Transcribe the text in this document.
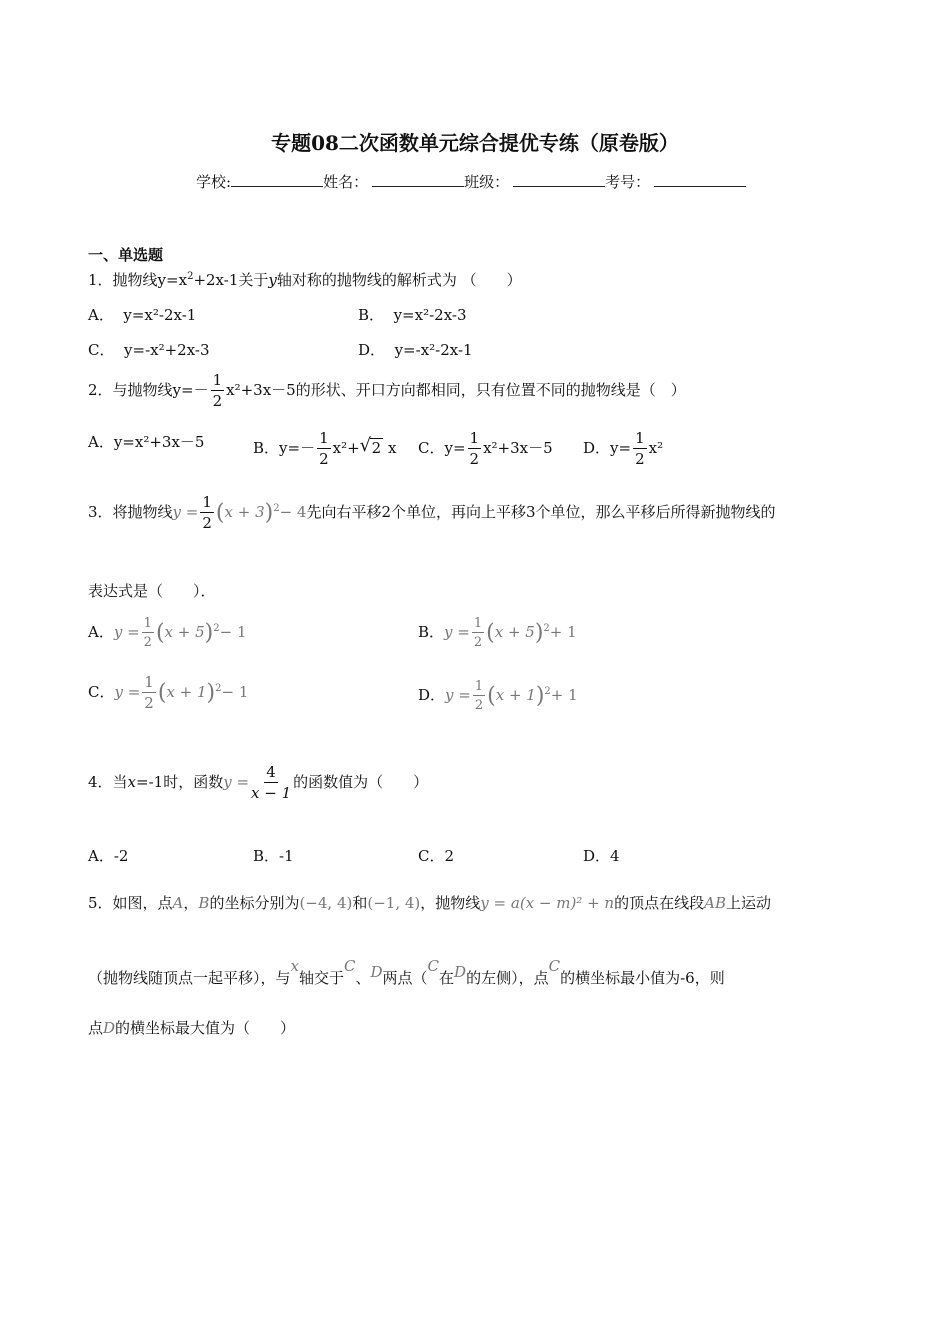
专题08二次函数单元综合提优专练（原卷版）
学校:	姓名：	班级：	考号：
一、单选题
1．抛物线$y=x^2+2x-1$关于y轴对称的抛物线的解析式为 （　　）
A． y=x²-2x-1	B． y=x²-2x-3
C． y=-x²+2x-3	D． y=-x²-2x-1
2．与抛物线$y=- \frac{1}{2} x^2+3x-5$的形状、开口方向都相同，只有位置不同的抛物线是（　）
A．y=x²+3x－5	B．$y=- \frac{1}{2} x^2+$ √ 2 x C．$y= \frac{1}{2} x^2+3x-5$ D．$y= \frac{1}{2} x^2$
3．将抛物线$y = \frac{1}{2} (x + 3)^2- 4$先向右平移2个单位，再向上平移3个单位，那么平移后所得新抛物线的
表达式是（　　）．
A．$y = \frac{1}{2} (x + 5)^2- 1$	B．$y = \frac{1}{2} (x + 5)^2+ 1$
C．$y = \frac{1}{2} (x + 1)^2- 1$	D．$y = \frac{1}{2} (x + 1)^2+ 1$
4．当x=-1时，函数$y = \frac{4}{x - 1}$ 的函数值为（　　）
A．-2	B．-1	C．2	D．4
5．如图，点A，B的坐标分别为(−4, 4)和(−1, 4)，抛物线y = a(x − m)² + n的顶点在线段AB上运动
（抛物线随顶点一起平移），与x轴交于C、D两点（C在D的左侧），点C的横坐标最小值为-6，则
点D的横坐标最大值为（　　）
